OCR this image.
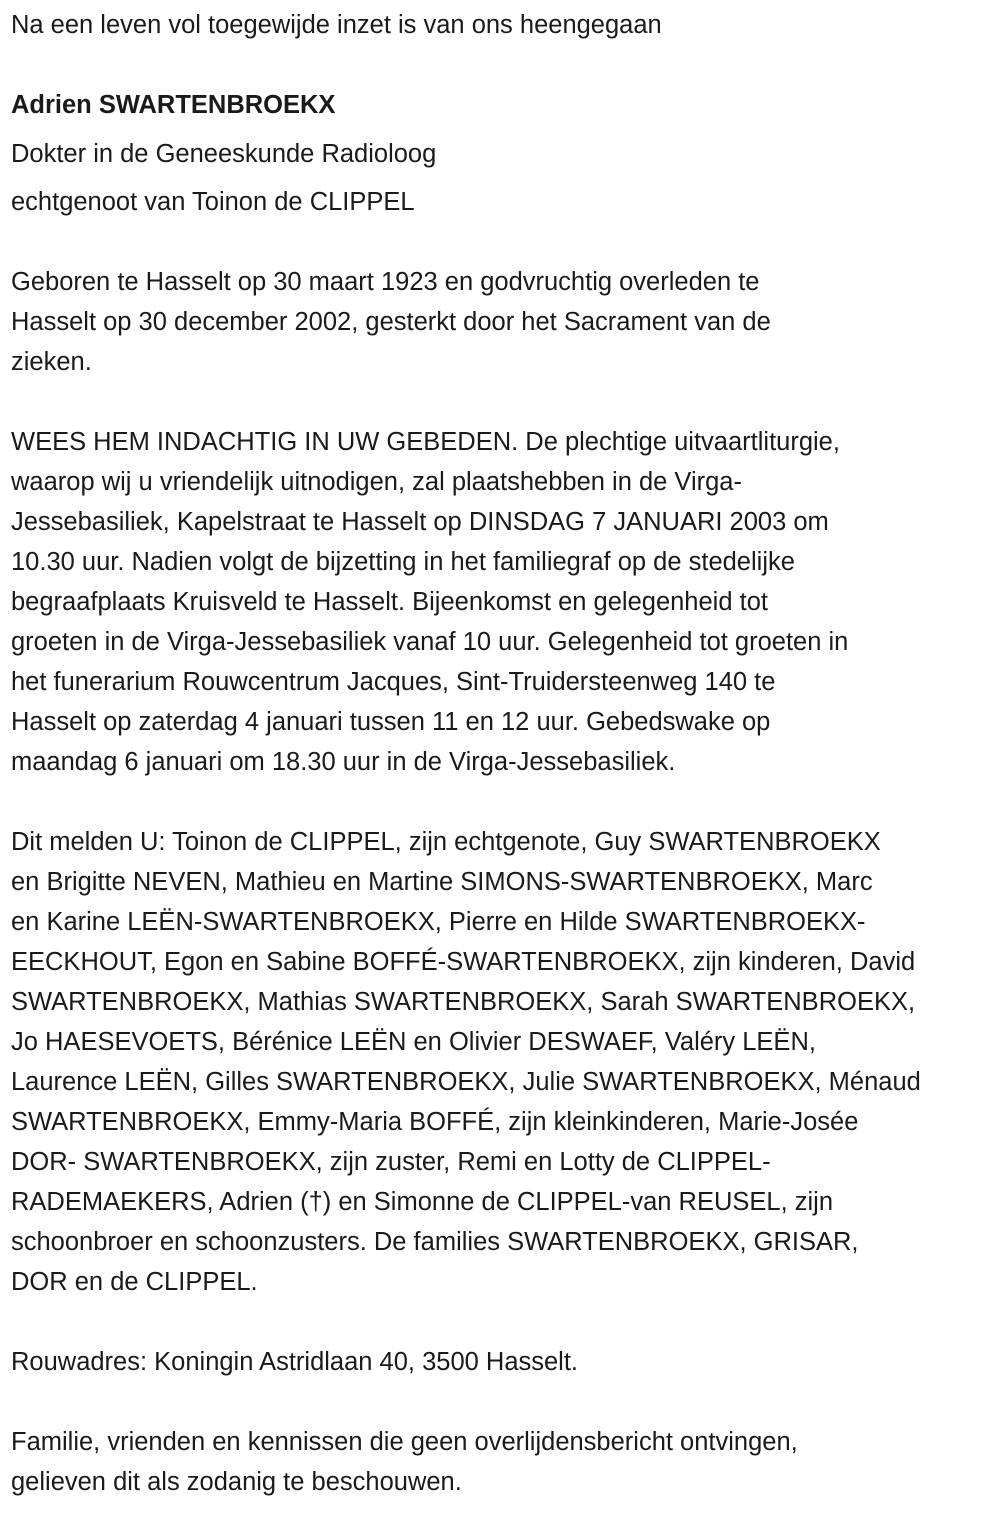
Na een leven vol toegewijde inzet is van ons heengegaan
Adrien SWARTENBROEKX
Dokter in de Geneeskunde Radioloog
echtgenoot van Toinon de CLIPPEL
Geboren te Hasselt op 30 maart 1923 en godvruchtig overleden te
Hasselt op 30 december 2002, gesterkt door het Sacrament van de
zieken.
WEES HEM INDACHTIG IN UW GEBEDEN. De plechtige uitvaartliturgie,
waarop wij u vriendelijk uitnodigen, zal plaatshebben in de Virga-
Jessebasiliek, Kapelstraat te Hasselt op DINSDAG 7 JANUARI 2003 om
10.30 uur. Nadien volgt de bijzetting in het familiegraf op de stedelijke
begraafplaats Kruisveld te Hasselt. Bijeenkomst en gelegenheid tot
groeten in de Virga-Jessebasiliek vanaf 10 uur. Gelegenheid tot groeten in
het funerarium Rouwcentrum Jacques, Sint-Truidersteenweg 140 te
Hasselt op zaterdag 4 januari tussen 11 en 12 uur. Gebedswake op
maandag 6 januari om 18.30 uur in de Virga-Jessebasiliek.
Dit melden U: Toinon de CLIPPEL, zijn echtgenote, Guy SWARTENBROEKX
en Brigitte NEVEN, Mathieu en Martine SIMONS-SWARTENBROEKX, Marc
en Karine LEËN-SWARTENBROEKX, Pierre en Hilde SWARTENBROEKX-
EECKHOUT, Egon en Sabine BOFFÉ-SWARTENBROEKX, zijn kinderen, David
SWARTENBROEKX, Mathias SWARTENBROEKX, Sarah SWARTENBROEKX,
Jo HAESEVOETS, Bérénice LEËN en Olivier DESWAEF, Valéry LEËN,
Laurence LEËN, Gilles SWARTENBROEKX, Julie SWARTENBROEKX, Ménaud
SWARTENBROEKX, Emmy-Maria BOFFÉ, zijn kleinkinderen, Marie-Josée
DOR- SWARTENBROEKX, zijn zuster, Remi en Lotty de CLIPPEL-
RADEMAEKERS, Adrien (†) en Simonne de CLIPPEL-van REUSEL, zijn
schoonbroer en schoonzusters. De families SWARTENBROEKX, GRISAR,
DOR en de CLIPPEL.
Rouwadres: Koningin Astridlaan 40, 3500 Hasselt.
Familie, vrienden en kennissen die geen overlijdensbericht ontvingen,
gelieven dit als zodanig te beschouwen.
